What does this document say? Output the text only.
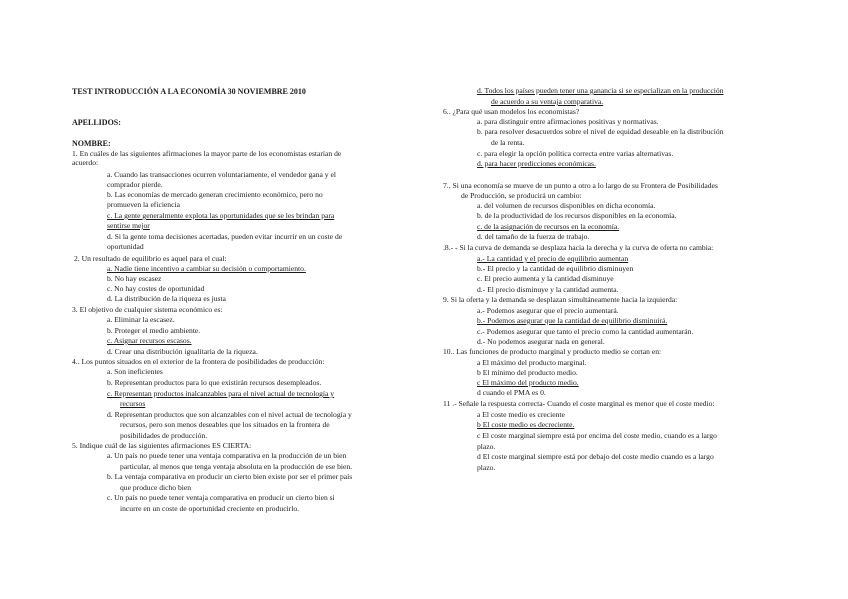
TEST INTRODUCCIÓN A LA ECONOMÍA 30 NOVIEMBRE 2010
APELLIDOS:
NOMBRE:
1. En cuáles de las siguientes afirmaciones la mayor parte de los economistas estarían de
acuerdo:
a. Cuando las transacciones ocurren voluntariamente, el vendedor gana y el
comprador pierde.
b. Las economías de mercado generan crecimiento económico, pero no
promueven la eficiencia
c. La gente generalmente explota las oportunidades que se les brindan para
sentirse mejor
d. Si la gente toma decisiones acertadas, pueden evitar incurrir en un coste de
oportunidad
2. Un resultado de equilibrio es aquel para el cual:
a. Nadie tiene incentivo a cambiar su decisión o comportamiento.
b. No hay escasez
c. No hay costes de oportunidad
d. La distribución de la riqueza es justa
3. El objetivo de cualquier sistema económico es:
a. Eliminar la escasez.
b. Proteger el medio ambiente.
c. Asignar recursos escasos.
d. Crear una distribución igualitaria de la riqueza.
4.. Los puntos situados en el exterior de la frontera de posibilidades de producción:
a. Son ineficientes
b. Representan productos para lo que existirán recursos desempleados.
c. Representan productos inalcanzables para el nivel actual de tecnología y
recursos
d. Representan productos que son alcanzables con el nivel actual de tecnología y
recursos, pero son menos deseables que los situados en la frontera de
posibilidades de producción.
5. Indique cuál de las siguientes afirmaciones ES CIERTA:
a. Un país no puede tener una ventaja comparativa en la producción de un bien
particular, al menos que tenga ventaja absoluta en la producción de ese bien.
b. La ventaja comparativa en producir un cierto bien existe por ser el primer país
que produce dicho bien
c. Un país no puede tener ventaja comparativa en producir un cierto bien si
incurre en un coste de oportunidad creciente en producirlo.
d. Todos los países pueden tener una ganancia si se especializan en la producción
de acuerdo a su ventaja comparativa.
6.. ¿Para qué usan modelos los economistas?
a. para distinguir entre afirmaciones positivas y normativas.
b. para resolver desacuerdos sobre el nivel de equidad deseable en la distribución
de la renta.
c. para elegir la opción política correcta entre varias alternativas.
d. para hacer predicciones económicas.
7.. Si una economía se mueve de un punto a otro a lo largo de su Frontera de Posibilidades
de Producción, se producirá un cambio:
a. del volumen de recursos disponibles en dicha economía.
b. de la productividad de los recursos disponibles en la economía.
c. de la asignación de recursos en la economía.
d. del tamaño de la fuerza de trabajo.
.8.- - Si la curva de demanda se desplaza hacia la derecha y la curva de oferta no cambia:
a.- La cantidad y el precio de equilibrio aumentan
b.- El precio y la cantidad de equilibrio disminuyen
c. El precio aumenta y la cantidad disminuye
d.- El precio disminuye y la cantidad aumenta.
9. Si la oferta y la demanda se desplazan simultáneamente hacia la izquierda:
a.- Podemos asegurar que el precio aumentará.
b.- Podemos asegurar que la cantidad de equilibrio disminuirá.
c.- Podemos asegurar que tanto el precio como la cantidad aumentarán.
d.- No podemos asegurar nada en general.
10.. Las funciones de producto marginal y producto medio se cortan en:
a El máximo del producto marginal.
b El mínimo del producto medio.
c El máximo del producto medio.
d cuando el PMA es 0.
11 .- Señale la respuesta correcta- Cuando el coste marginal es menor que el coste medio:
a El coste medio es creciente
b El coste medio es decreciente.
c El coste marginal siempre está por encima del coste medio, cuando es a largo
plazo.
d El coste marginal siempre está por debajo del coste medio cuando es a largo
plazo.
